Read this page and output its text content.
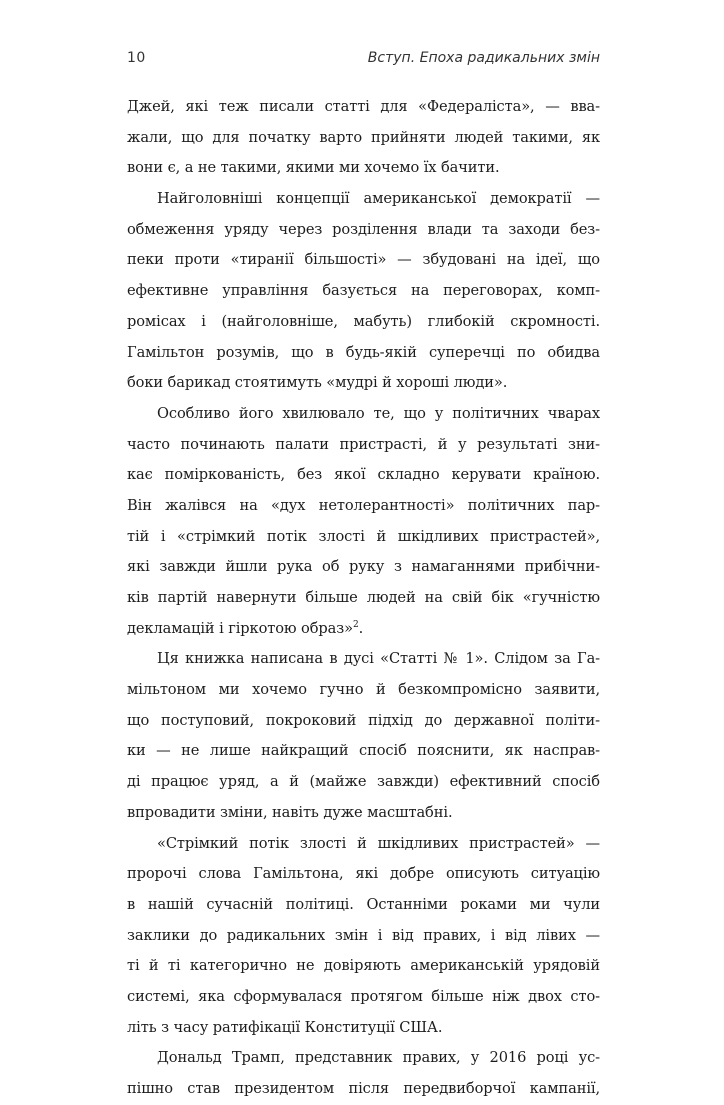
10	Вступ. Епоха радикальних змін
Джей, які теж писали статті для «Федераліста», — вва-
жали, що для початку варто прийняти людей такими, як
вони є, а не такими, якими ми хочемо їх бачити.
Найголовніші концепції американської демократії —
обмеження уряду через розділення влади та заходи без-
пеки проти «тиранії більшості» — збудовані на ідеї, що
ефективне управління базується на переговорах, комп-
ромісах і (найголовніше, мабуть) глибокій скромності.
Гамільтон розумів, що в будь-якій суперечці по обидва
боки барикад стоятимуть «мудрі й хороші люди».
Особливо його хвилювало те, що у політичних чварах
часто починають палати пристрасті, й у результаті зни-
кає поміркованість, без якої складно керувати країною.
Він жалівся на «дух нетолерантності» політичних пар-
тій і «стрімкий потік злості й шкідливих пристрастей»,
які завжди йшли рука об руку з намаганнями прибічни-
ків партій навернути більше людей на свій бік «гучністю
декламацій і гіркотою образ»$^2$.
Ця книжка написана в дусі «Статті № 1». Слідом за Га-
мільтоном ми хочемо гучно й безкомпромісно заявити,
що поступовий, покроковий підхід до державної політи-
ки — не лише найкращий спосіб пояснити, як насправ-
ді працює уряд, а й (майже завжди) ефективний спосіб
впровадити зміни, навіть дуже масштабні.
«Стрімкий потік злості й шкідливих пристрастей» —
пророчі слова Гамільтона, які добре описують ситуацію
в нашій сучасній політиці. Останніми роками ми чули
заклики до радикальних змін і від правих, і від лівих —
ті й ті категорично не довіряють американській урядовій
системі, яка сформувалася протягом більше ніж двох сто-
літь з часу ратифікації Конституції США.
Дональд Трамп, представник правих, у 2016 році ус-
пішно став президентом після передвиборчої кампанії,
